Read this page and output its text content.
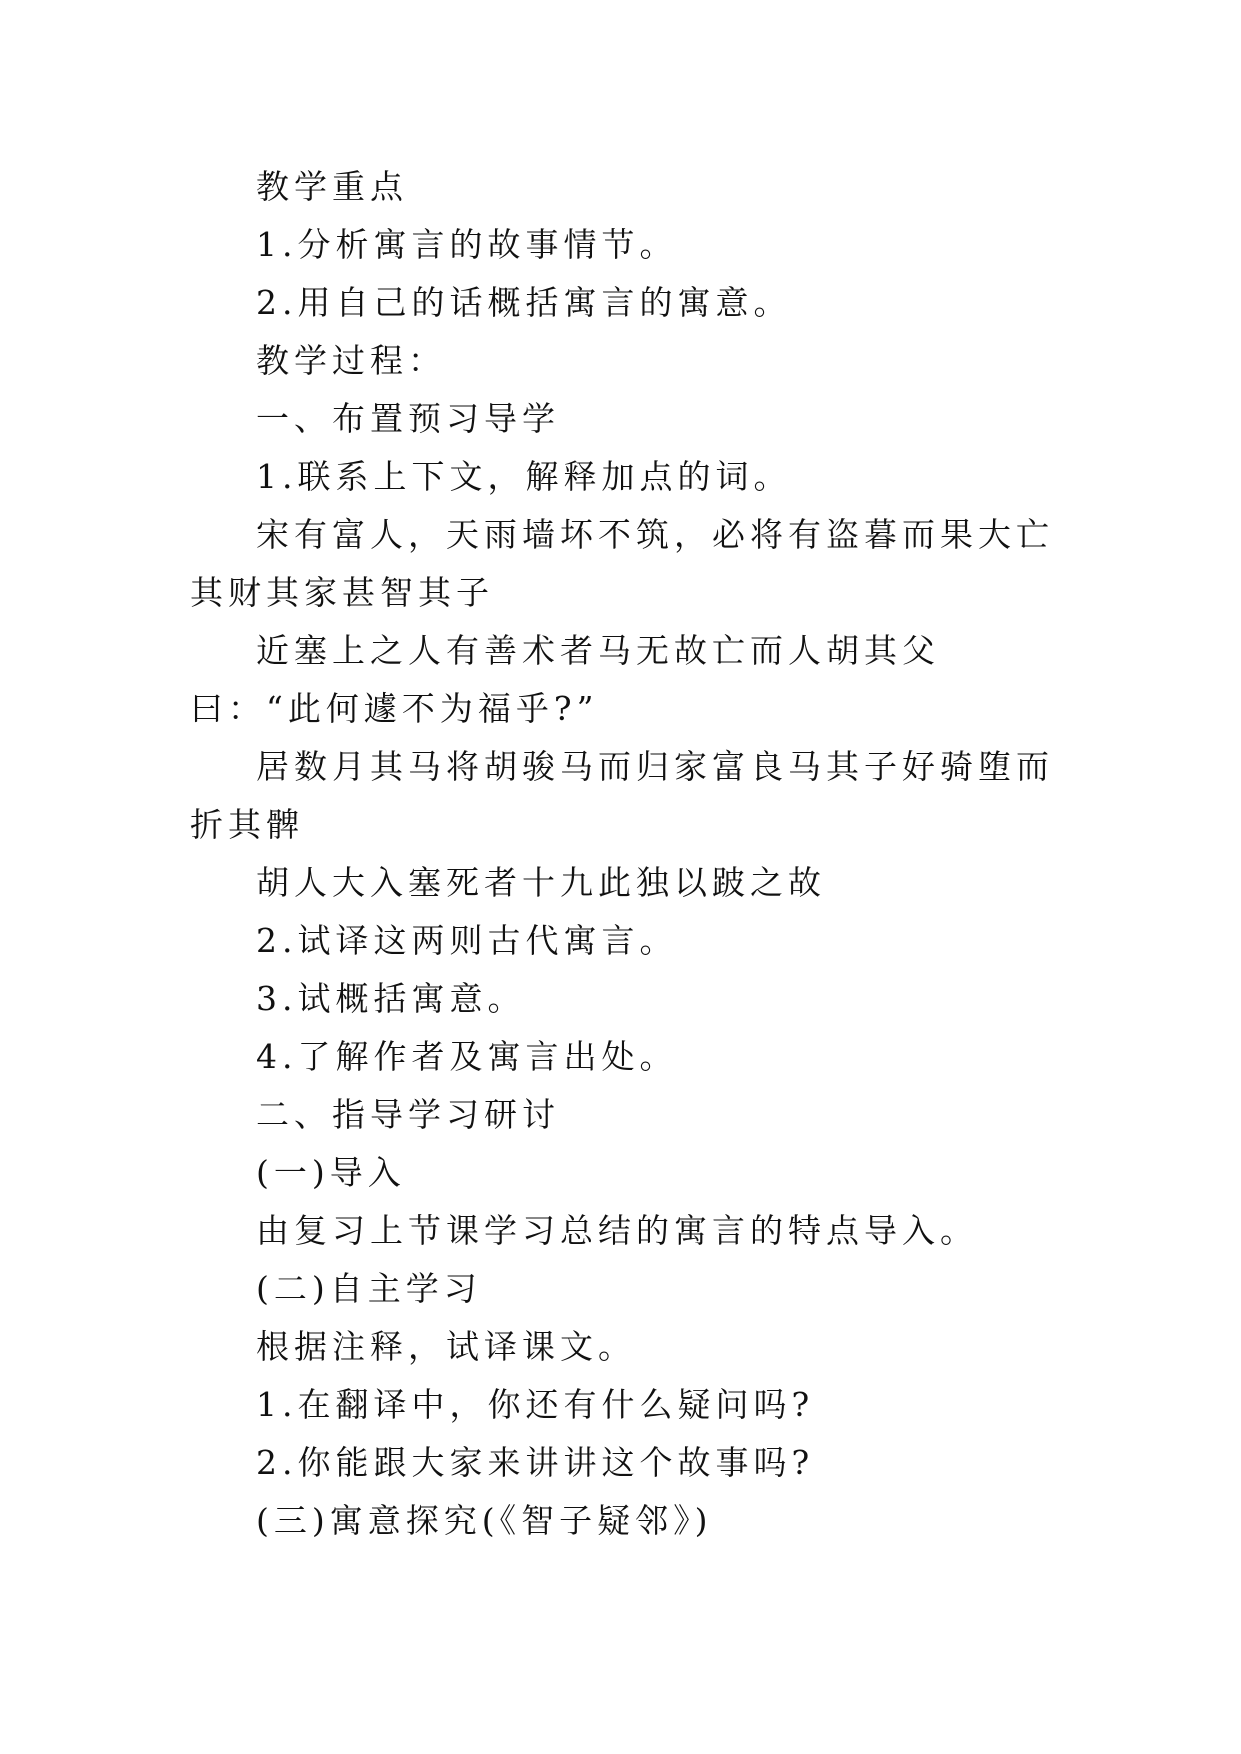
教学重点

1.分析寓言的故事情节。

2.用自己的话概括寓言的寓意。

教学过程：

一、布置预习导学

1.联系上下文，解释加点的词。

宋有富人，天雨墙坏不筑，必将有盗暮而果大亡其财其家甚智其子

近塞上之人有善术者马无故亡而人胡其父曰：“此何遽不为福乎?”

居数月其马将胡骏马而归家富良马其子好骑堕而折其髀

胡人大入塞死者十九此独以跛之故

2.试译这两则古代寓言。

3.试概括寓意。

4.了解作者及寓言出处。

二、指导学习研讨

(一)导入

由复习上节课学习总结的寓言的特点导入。

(二)自主学习

根据注释，试译课文。

1.在翻译中，你还有什么疑问吗?

2.你能跟大家来讲讲这个故事吗?

(三)寓意探究(《智子疑邻》)
